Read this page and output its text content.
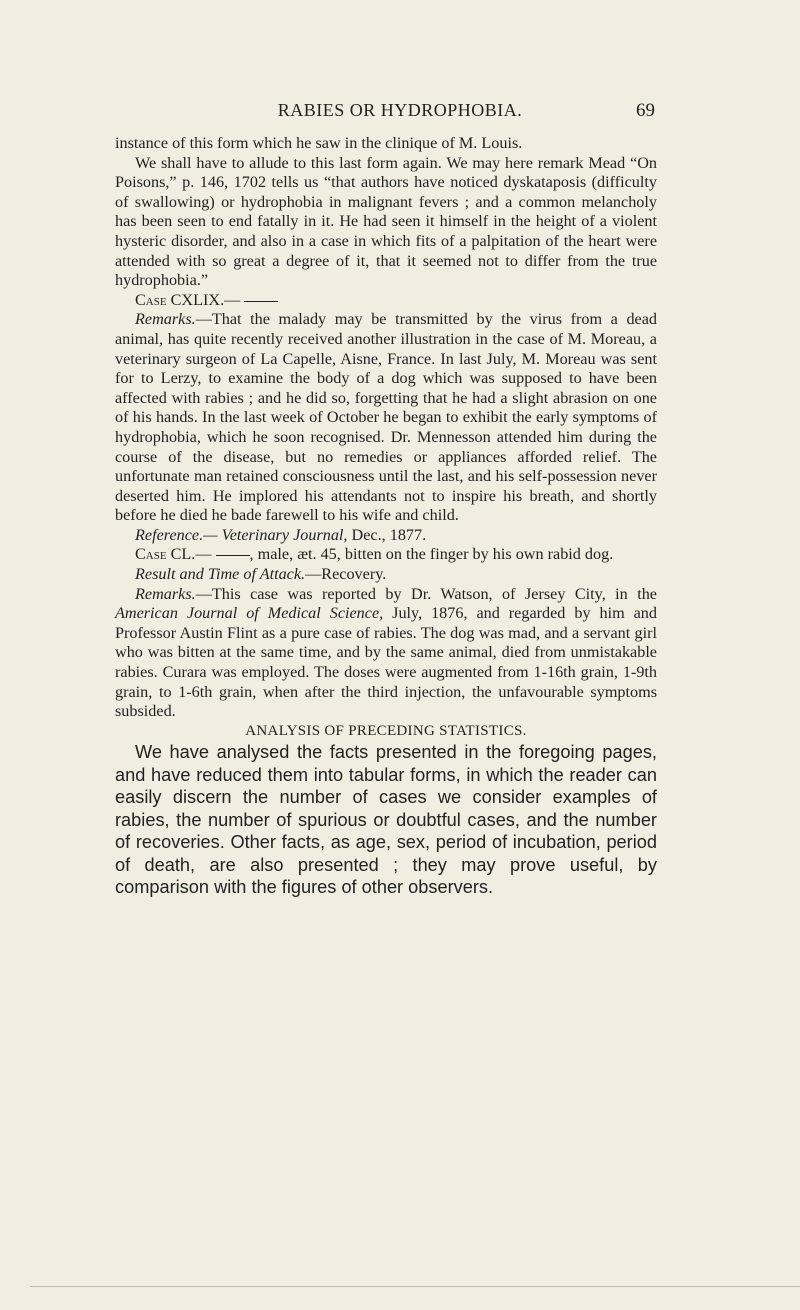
RABIES OR HYDROPHOBIA.	69

instance of this form which he saw in the clinique of M. Louis.

We shall have to allude to this last form again. We may here remark Mead “On Poisons,” p. 146, 1702 tells us “that authors have noticed dyskataposis (difficulty of swallowing) or hydrophobia in malignant fevers ; and a common melancholy has been seen to end fatally in it. He had seen it himself in the height of a violent hysteric disorder, and also in a case in which fits of a palpitation of the heart were attended with so great a degree of it, that it seemed not to differ from the true hydrophobia.”

Case CXLIX.—

Remarks.—That the malady may be transmitted by the virus from a dead animal, has quite recently received another illustration in the case of M. Moreau, a veterinary surgeon of La Capelle, Aisne, France. In last July, M. Moreau was sent for to Lerzy, to examine the body of a dog which was supposed to have been affected with rabies ; and he did so, forgetting that he had a slight abrasion on one of his hands. In the last week of October he began to exhibit the early symptoms of hydrophobia, which he soon recognised. Dr. Mennesson attended him during the course of the disease, but no remedies or appliances afforded relief. The unfortunate man retained consciousness until the last, and his self-possession never deserted him. He implored his attendants not to inspire his breath, and shortly before he died he bade farewell to his wife and child.

Reference.— Veterinary Journal, Dec., 1877.

Case CL.— , male, æt. 45, bitten on the finger by his own rabid dog.

Result and Time of Attack.—Recovery.

Remarks.—This case was reported by Dr. Watson, of Jersey City, in the American Journal of Medical Science, July, 1876, and regarded by him and Professor Austin Flint as a pure case of rabies. The dog was mad, and a servant girl who was bitten at the same time, and by the same animal, died from unmistakable rabies. Curara was employed. The doses were augmented from 1-16th grain, 1-9th grain, to 1-6th grain, when after the third injection, the unfavourable symptoms subsided.

ANALYSIS OF PRECEDING STATISTICS.

We have analysed the facts presented in the foregoing pages, and have reduced them into tabular forms, in which the reader can easily discern the number of cases we consider examples of rabies, the number of spurious or doubtful cases, and the number of recoveries. Other facts, as age, sex, period of incubation, period of death, are also presented ; they may prove useful, by comparison with the figures of other observers.
